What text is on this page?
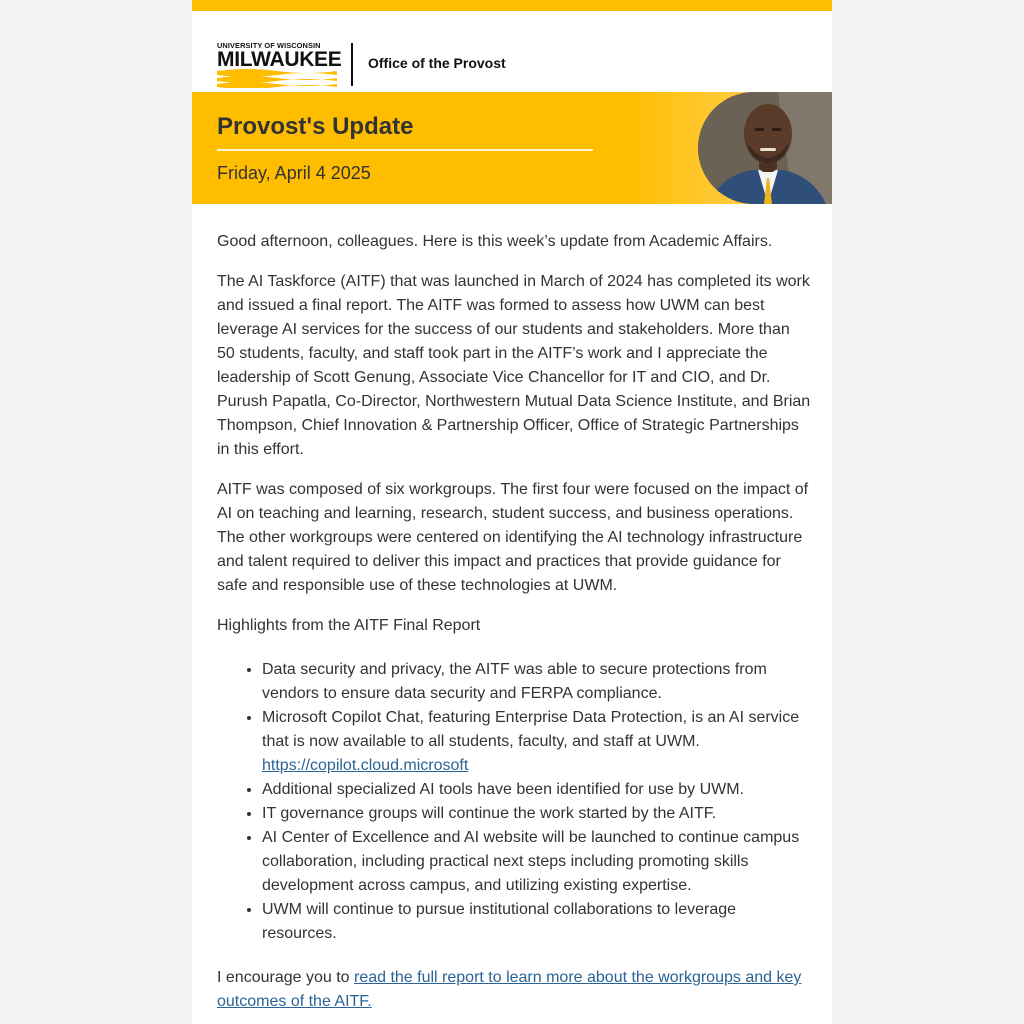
UNIVERSITY OF WISCONSIN
MILWAUKEE Office of the Provost
Provost's Update
Friday, April 4 2025

Good afternoon, colleagues. Here is this week’s update from Academic Affairs.

The AI Taskforce (AITF) that was launched in March of 2024 has completed its work and issued a final report. The AITF was formed to assess how UWM can best leverage AI services for the success of our students and stakeholders. More than 50 students, faculty, and staff took part in the AITF’s work and I appreciate the leadership of Scott Genung, Associate Vice Chancellor for IT and CIO, and Dr. Purush Papatla, Co-Director, Northwestern Mutual Data Science Institute, and Brian Thompson, Chief Innovation & Partnership Officer, Office of Strategic Partnerships in this effort.

AITF was composed of six workgroups. The first four were focused on the impact of AI on teaching and learning, research, student success, and business operations. The other workgroups were centered on identifying the AI technology infrastructure and talent required to deliver this impact and practices that provide guidance for safe and responsible use of these technologies at UWM.

Highlights from the AITF Final Report

• Data security and privacy, the AITF was able to secure protections from vendors to ensure data security and FERPA compliance.
• Microsoft Copilot Chat, featuring Enterprise Data Protection, is an AI service that is now available to all students, faculty, and staff at UWM.
https://copilot.cloud.microsoft
• Additional specialized AI tools have been identified for use by UWM.
• IT governance groups will continue the work started by the AITF.
• AI Center of Excellence and AI website will be launched to continue campus collaboration, including practical next steps including promoting skills development across campus, and utilizing existing expertise.
• UWM will continue to pursue institutional collaborations to leverage resources.

I encourage you to read the full report to learn more about the workgroups and key outcomes of the AITF.
